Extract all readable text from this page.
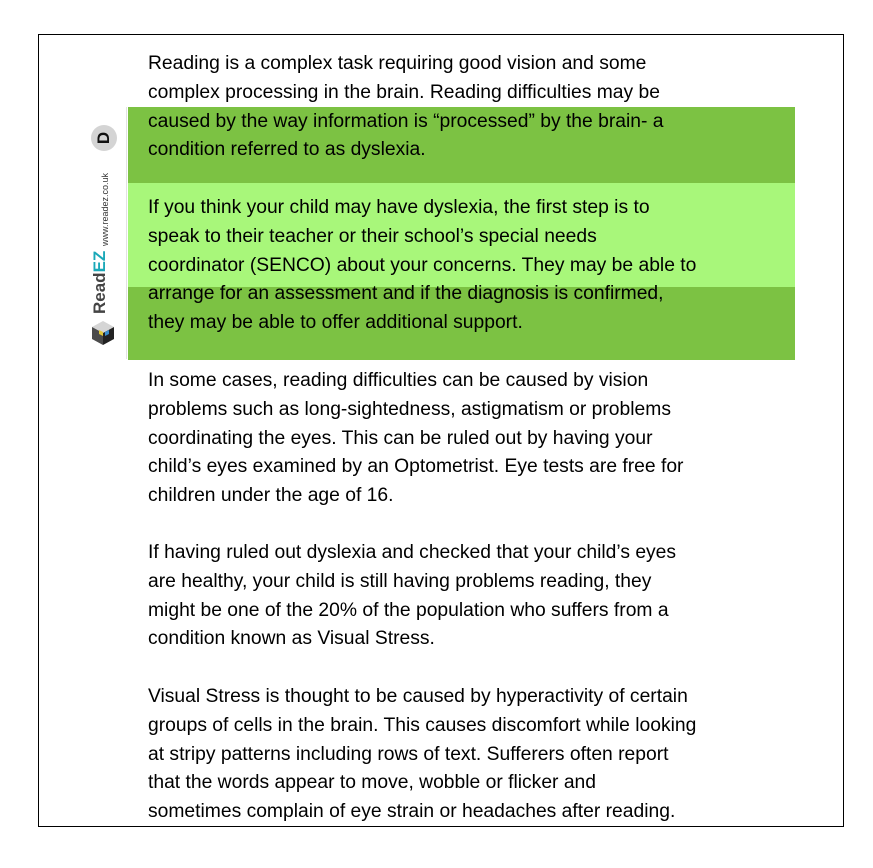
D
www.readez.co.uk
ReadEZ
Reading is a complex task requiring good vision and some
complex processing in the brain. Reading difficulties may be
caused by the way information is “processed” by the brain- a
condition referred to as dyslexia.
If you think your child may have dyslexia, the first step is to
speak to their teacher or their school’s special needs
coordinator (SENCO) about your concerns. They may be able to
arrange for an assessment and if the diagnosis is confirmed,
they may be able to offer additional support.
In some cases, reading difficulties can be caused by vision
problems such as long-sightedness, astigmatism or problems
coordinating the eyes. This can be ruled out by having your
child’s eyes examined by an Optometrist. Eye tests are free for
children under the age of 16.
If having ruled out dyslexia and checked that your child’s eyes
are healthy, your child is still having problems reading, they
might be one of the 20% of the population who suffers from a
condition known as Visual Stress.
Visual Stress is thought to be caused by hyperactivity of certain
groups of cells in the brain. This causes discomfort while looking
at stripy patterns including rows of text. Sufferers often report
that the words appear to move, wobble or flicker and
sometimes complain of eye strain or headaches after reading.
